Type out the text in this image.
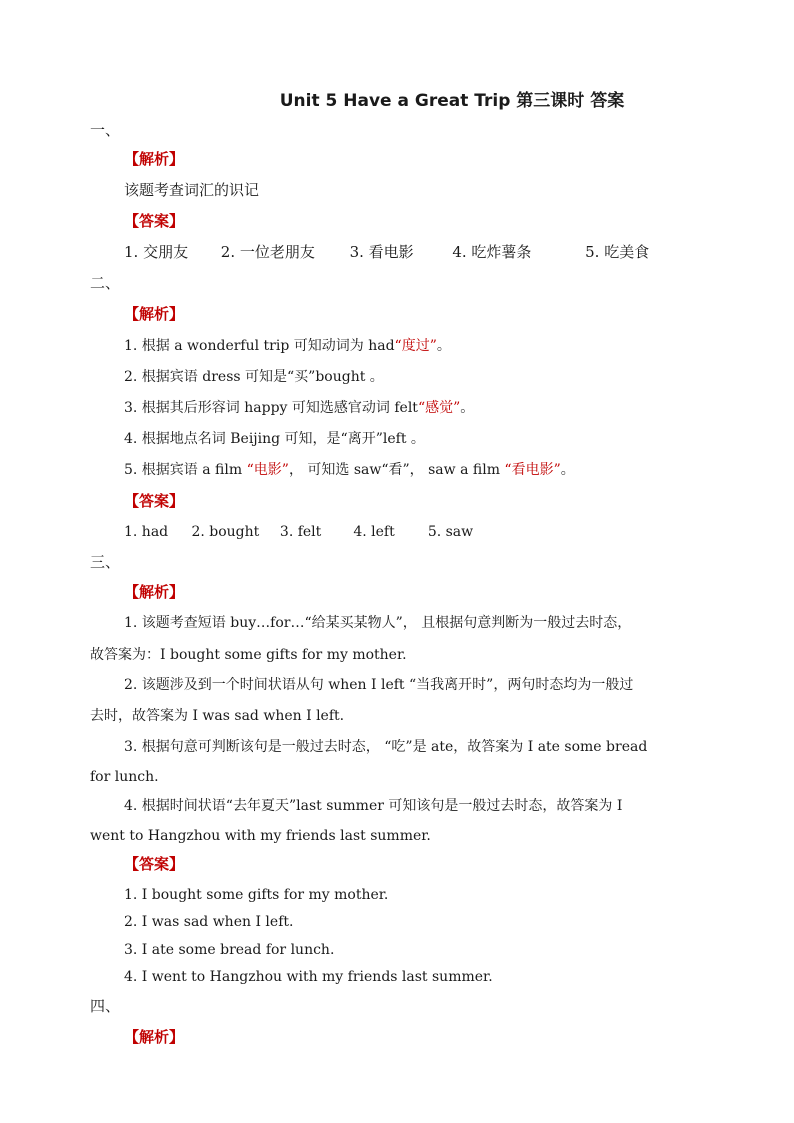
Unit 5 Have a Great Trip 第三课时 答案
一、
【解析】
该题考查词汇的识记
【答案】
1. 交朋友 2. 一位老朋友 3. 看电影	4. 吃炸薯条	5. 吃美食
二、
【解析】
1. 根据 a wonderful trip 可知动词为 had“度过”。
2. 根据宾语 dress 可知是“买”bought 。
3. 根据其后形容词 happy 可知选感官动词 felt“感觉”。
4. 根据地点名词 Beijing 可知，是“离开”left 。
5. 根据宾语 a film “电影”， 可知选 saw“看”， saw a film “看电影”。
【答案】
1. had 2. bought 3. felt 4. left 5. saw
三、
【解析】
1. 该题考查短语 buy…for…“给某买某物人”， 且根据句意判断为一般过去时态，
故答案为：I bought some gifts for my mother.
2. 该题涉及到一个时间状语从句 when I left “当我离开时”，两句时态均为一般过
去时，故答案为 I was sad when I left.
3. 根据句意可判断该句是一般过去时态， “吃”是 ate，故答案为 I ate some bread
for lunch.
4. 根据时间状语“去年夏天”last summer 可知该句是一般过去时态，故答案为 I
went to Hangzhou with my friends last summer.
【答案】
1. I bought some gifts for my mother.
2. I was sad when I left.
3. I ate some bread for lunch.
4. I went to Hangzhou with my friends last summer.
四、
【解析】
